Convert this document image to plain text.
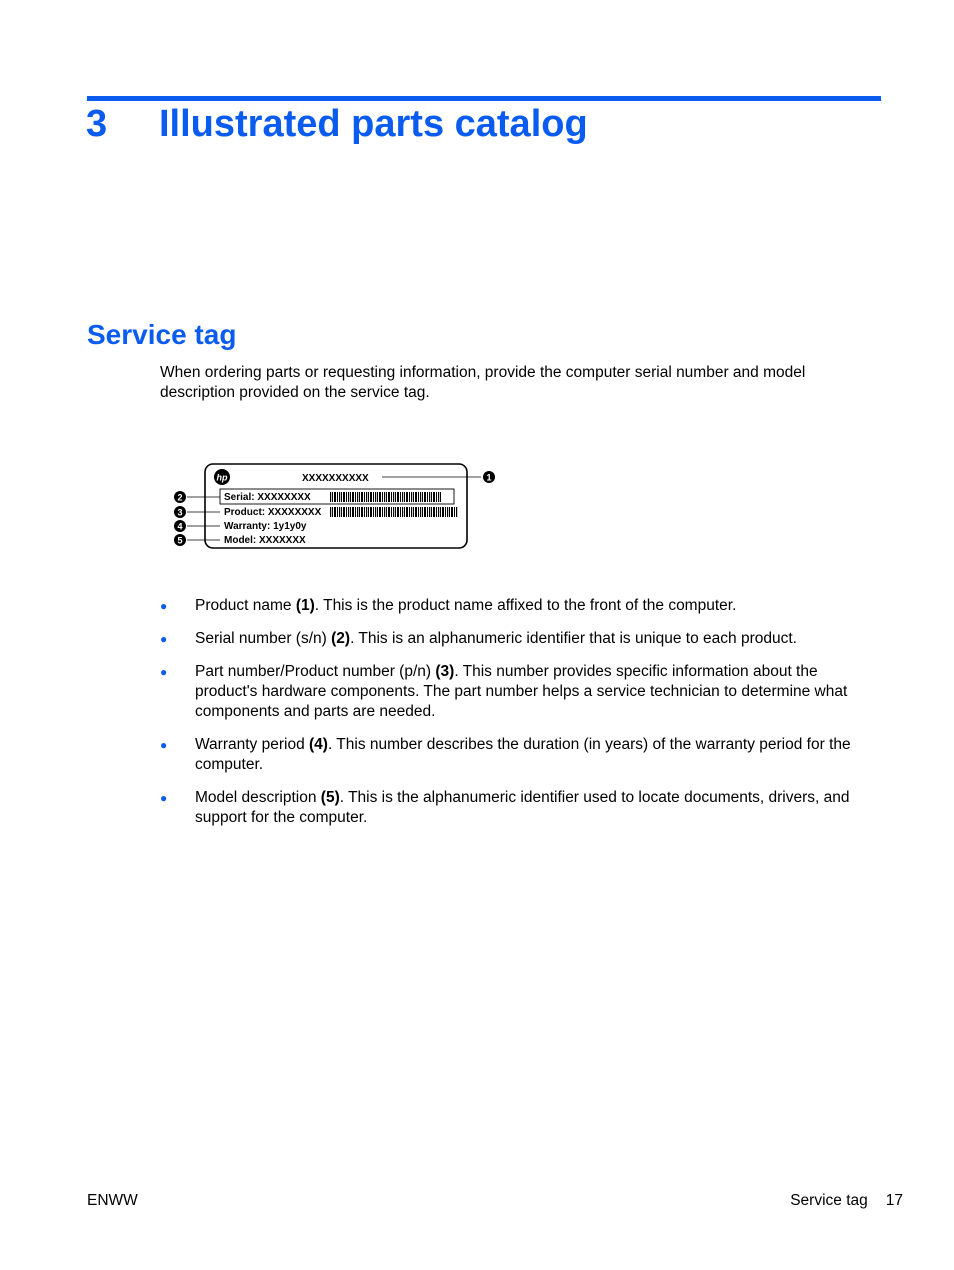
3 Illustrated parts catalog
Service tag
When ordering parts or requesting information, provide the computer serial number and model description provided on the service tag.
hp	XXXXXXXXXX	1
Serial: XXXXXXXX
2
Product: XXXXXXXX
3
Warranty: 1y1y0y
4
Model: XXXXXXX
5
● Product name (1). This is the product name affixed to the front of the computer.
● Serial number (s/n) (2). This is an alphanumeric identifier that is unique to each product.
● Part number/Product number (p/n) (3). This number provides specific information about the product's hardware components. The part number helps a service technician to determine what components and parts are needed.
● Warranty period (4). This number describes the duration (in years) of the warranty period for the computer.
● Model description (5). This is the alphanumeric identifier used to locate documents, drivers, and support for the computer.
ENWW	Service tag 17
